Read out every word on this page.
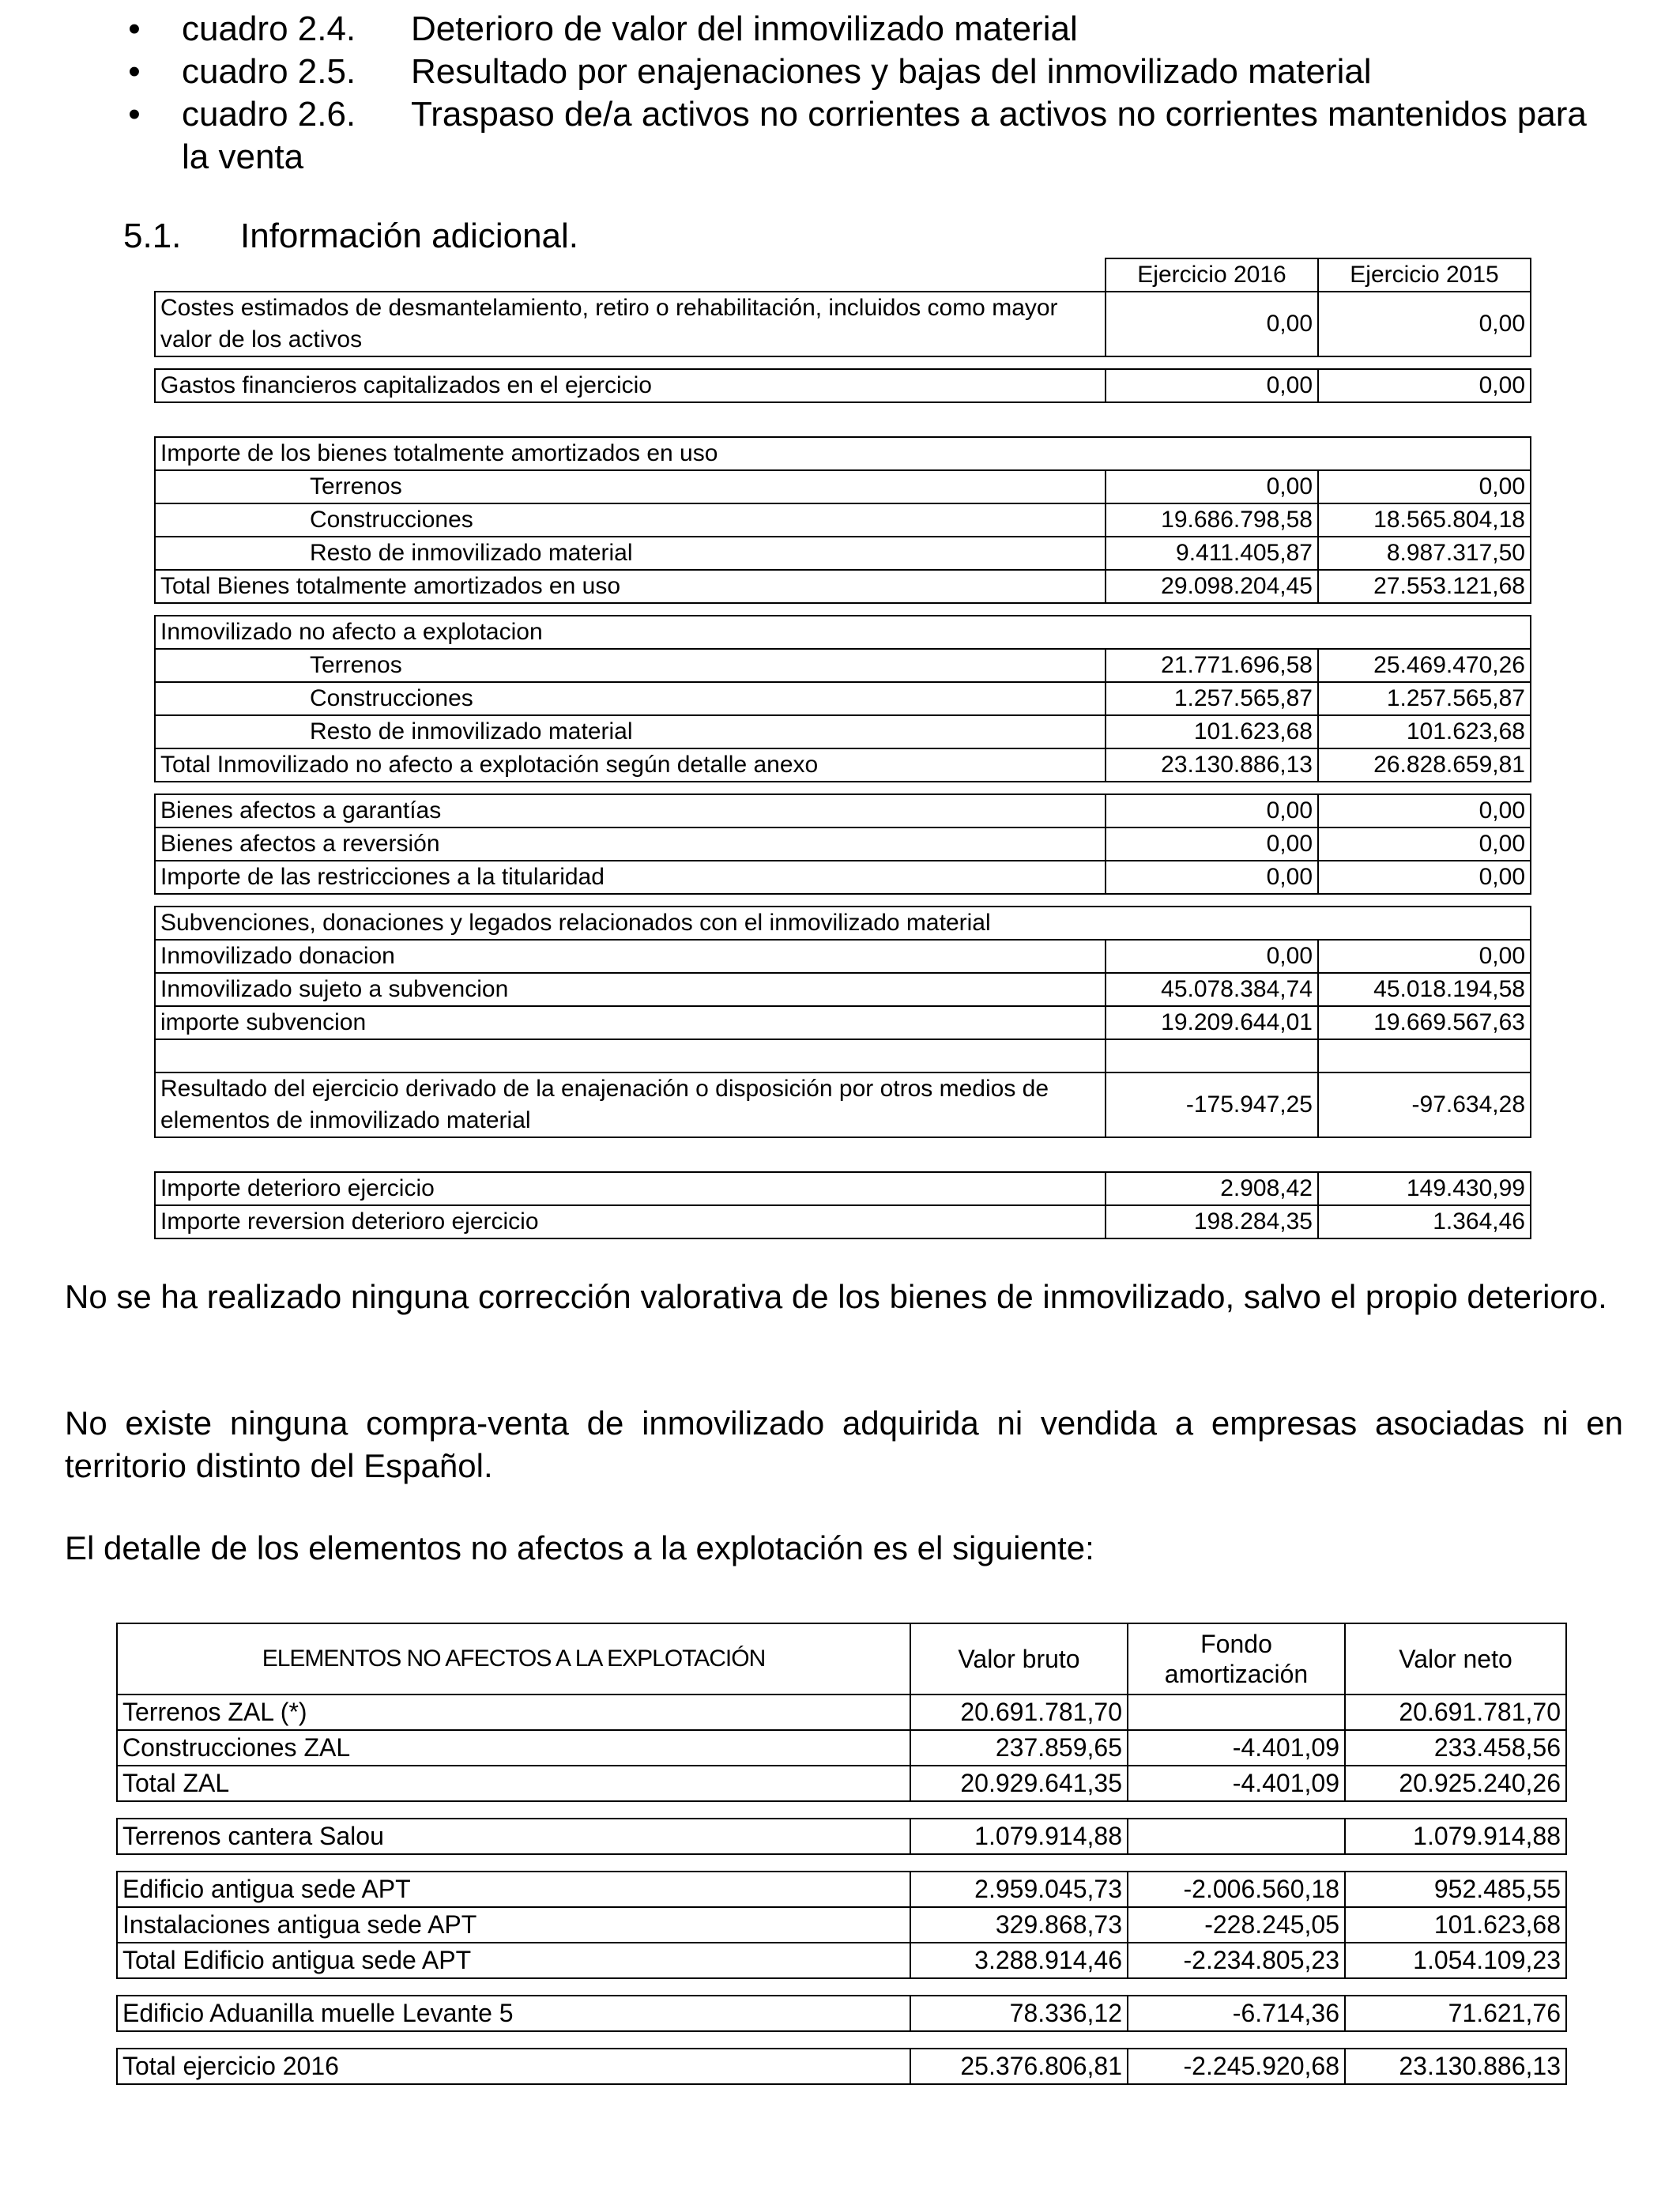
• cuadro 2.4. Deterioro de valor del inmovilizado material
• cuadro 2.5. Resultado por enajenaciones y bajas del inmovilizado material
• cuadro 2.6. Traspaso de/a activos no corrientes a activos no corrientes mantenidos para
la venta
5.1. Información adicional.
	Ejercicio 2016	Ejercicio 2015
Costes estimados de desmantelamiento, retiro o rehabilitación, incluidos como mayor valor de los activos	0,00	0,00

Gastos financieros capitalizados en el ejercicio	0,00	0,00

Importe de los bienes totalmente amortizados en uso		
Terrenos	0,00	0,00
Construcciones	19.686.798,58	18.565.804,18
Resto de inmovilizado material	9.411.405,87	8.987.317,50
Total Bienes totalmente amortizados en uso	29.098.204,45	27.553.121,68

Inmovilizado no afecto a explotacion		
Terrenos	21.771.696,58	25.469.470,26
Construcciones	1.257.565,87	1.257.565,87
Resto de inmovilizado material	101.623,68	101.623,68
Total Inmovilizado no afecto a explotación según detalle anexo	23.130.886,13	26.828.659,81

Bienes afectos a garantías	0,00	0,00
Bienes afectos a reversión	0,00	0,00
Importe de las restricciones a la titularidad	0,00	0,00

Subvenciones, donaciones y legados relacionados con el inmovilizado material		
Inmovilizado donacion	0,00	0,00
Inmovilizado sujeto a subvencion	45.078.384,74	45.018.194,58
importe subvencion	19.209.644,01	19.669.567,63

Resultado del ejercicio derivado de la enajenación o disposición por otros medios de elementos de inmovilizado material	-175.947,25	-97.634,28

Importe deterioro ejercicio	2.908,42	149.430,99
Importe reversion deterioro ejercicio	198.284,35	1.364,46

No se ha realizado ninguna corrección valorativa de los bienes de inmovilizado, salvo el propio deterioro.

No existe ninguna compra-venta de inmovilizado adquirida ni vendida a empresas asociadas ni en territorio distinto del Español.

El detalle de los elementos no afectos a la explotación es el siguiente:

ELEMENTOS NO AFECTOS A LA EXPLOTACIÓN	Valor bruto	Fondo amortización	Valor neto
Terrenos ZAL (*)	20.691.781,70		20.691.781,70
Construcciones ZAL	237.859,65	-4.401,09	233.458,56
Total ZAL	20.929.641,35	-4.401,09	20.925.240,26

Terrenos cantera Salou	1.079.914,88		1.079.914,88

Edificio antigua sede APT	2.959.045,73	-2.006.560,18	952.485,55
Instalaciones antigua sede APT	329.868,73	-228.245,05	101.623,68
Total Edificio antigua sede APT	3.288.914,46	-2.234.805,23	1.054.109,23

Edificio Aduanilla muelle Levante 5	78.336,12	-6.714,36	71.621,76

Total ejercicio 2016	25.376.806,81	-2.245.920,68	23.130.886,13
